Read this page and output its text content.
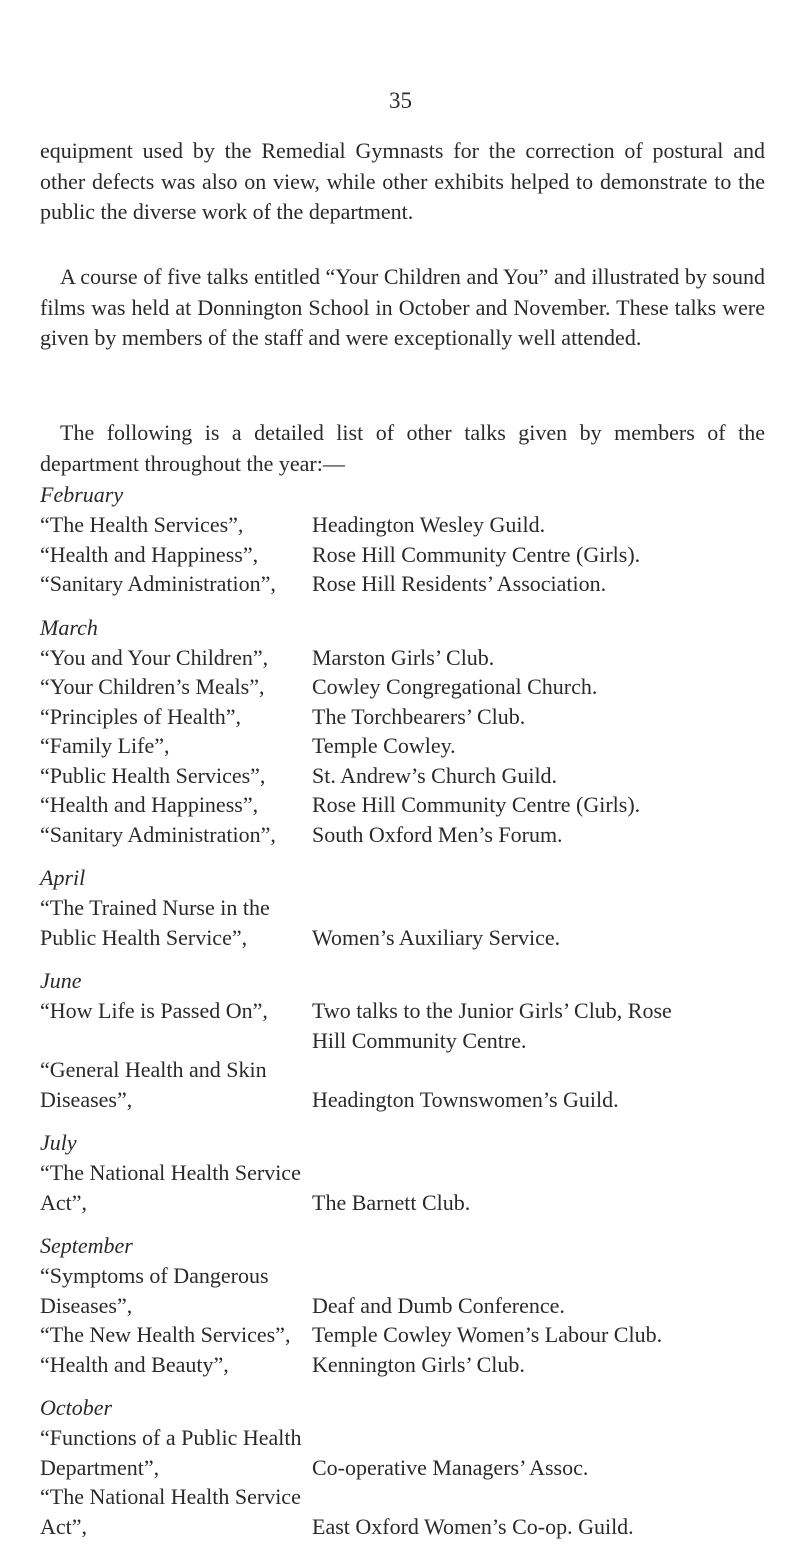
35

equipment used by the Remedial Gymnasts for the correction of postural and other defects was also on view, while other exhibits helped to demonstrate to the public the diverse work of the department.

A course of five talks entitled “Your Children and You” and illustrated by sound films was held at Donnington School in October and November. These talks were given by members of the staff and were exceptionally well attended.

The following is a detailed list of other talks given by members of the department throughout the year:—

February

“The Health Services”,	Headington Wesley Guild.
“Health and Happiness”,	Rose Hill Community Centre (Girls).
“Sanitary Administration”,	Rose Hill Residents’ Association.

March

“You and Your Children”,	Marston Girls’ Club.
“Your Children’s Meals”,	Cowley Congregational Church.
“Principles of Health”,	The Torchbearers’ Club.
“Family Life”,	Temple Cowley.
“Public Health Services”,	St. Andrew’s Church Guild.
“Health and Happiness”,	Rose Hill Community Centre (Girls).
“Sanitary Administration”,	South Oxford Men’s Forum.

April

“The Trained Nurse in the
Public Health Service”,	Women’s Auxiliary Service.

June

“How Life is Passed On”,	Two talks to the Junior Girls’ Club, Rose
Hill Community Centre.
“General Health and Skin
Diseases”,	Headington Townswomen’s Guild.

July

“The National Health Service
Act”,	The Barnett Club.

September

“Symptoms of Dangerous
Diseases”,	Deaf and Dumb Conference.
“The New Health Services”, Temple Cowley Women’s Labour Club.
“Health and Beauty”,	Kennington Girls’ Club.

October

“Functions of a Public Health
Department”,	Co-operative Managers’ Assoc.
“The National Health Service
Act”,	East Oxford Women’s Co-op. Guild.
